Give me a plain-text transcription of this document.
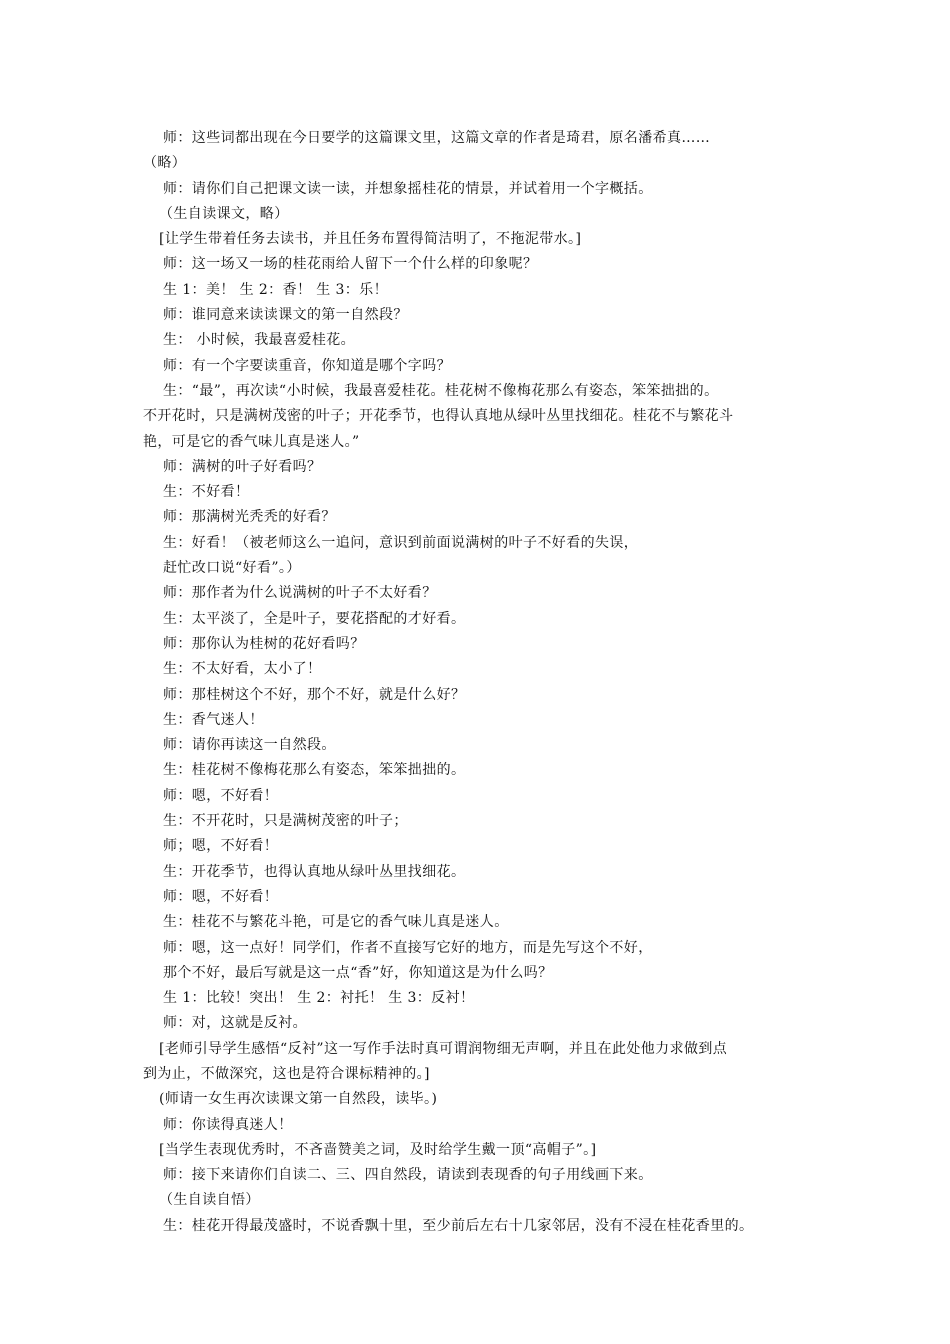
师：这些词都出现在今日要学的这篇课文里，这篇文章的作者是琦君，原名潘希真……
（略）
师：请你们自己把课文读一读，并想象摇桂花的情景，并试着用一个字概括。
（生自读课文，略）
[让学生带着任务去读书，并且任务布置得简洁明了，不拖泥带水。]
师：这一场又一场的桂花雨给人留下一个什么样的印象呢？
生 1：美！ 生 2：香！ 生 3：乐！
师：谁同意来读读课文的第一自然段？
生： 小时候，我最喜爱桂花。
师：有一个字要读重音，你知道是哪个字吗？
生：“最”，再次读“小时候，我最喜爱桂花。桂花树不像梅花那么有姿态，笨笨拙拙的。
不开花时，只是满树茂密的叶子；开花季节，也得认真地从绿叶丛里找细花。桂花不与繁花斗
艳，可是它的香气味儿真是迷人。”
师：满树的叶子好看吗？
生：不好看！
师：那满树光秃秃的好看？
生：好看！（被老师这么一追问，意识到前面说满树的叶子不好看的失误，
赶忙改口说“好看”。）
师：那作者为什么说满树的叶子不太好看？
生：太平淡了，全是叶子，要花搭配的才好看。
师：那你认为桂树的花好看吗？
生：不太好看，太小了！
师：那桂树这个不好，那个不好，就是什么好？
生：香气迷人！
师：请你再读这一自然段。
生：桂花树不像梅花那么有姿态，笨笨拙拙的。
师：嗯，不好看！
生：不开花时，只是满树茂密的叶子；
师；嗯，不好看！
生：开花季节，也得认真地从绿叶丛里找细花。
师：嗯，不好看！
生：桂花不与繁花斗艳，可是它的香气味儿真是迷人。
师：嗯，这一点好！同学们，作者不直接写它好的地方，而是先写这个不好，
那个不好，最后写就是这一点“香”好，你知道这是为什么吗？
生 1：比较！突出！ 生 2：衬托！ 生 3：反衬！
师：对，这就是反衬。
[老师引导学生感悟“反衬”这一写作手法时真可谓润物细无声啊，并且在此处他力求做到点
到为止，不做深究，这也是符合课标精神的。]
(师请一女生再次读课文第一自然段，读毕。)
师：你读得真迷人！
[当学生表现优秀时，不吝啬赞美之词，及时给学生戴一顶“高帽子”。]
师：接下来请你们自读二、三、四自然段，请读到表现香的句子用线画下来。
（生自读自悟）
生：桂花开得最茂盛时，不说香飘十里，至少前后左右十几家邻居，没有不浸在桂花香里的。
